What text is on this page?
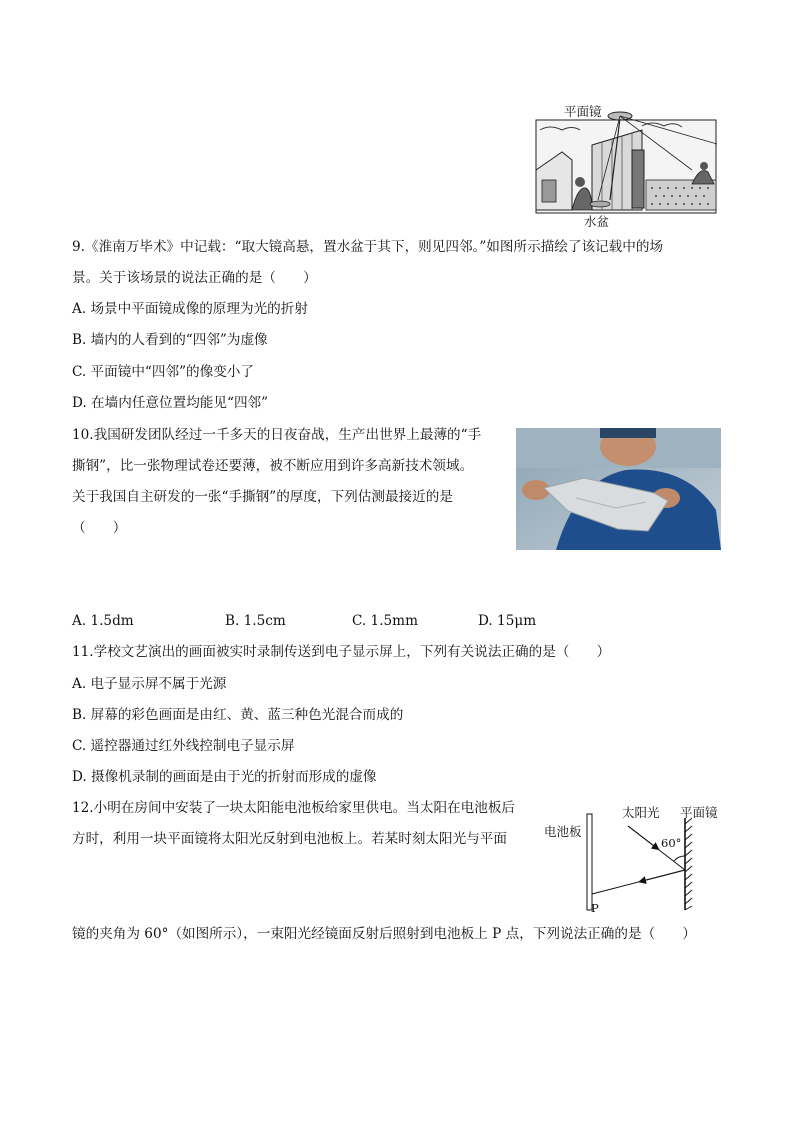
平面镜
水盆
9.《淮南万毕术》中记载：“取大镜高悬，置水盆于其下，则见四邻。”如图所示描绘了该记载中的场
景。关于该场景的说法正确的是（　　）
A. 场景中平面镜成像的原理为光的折射
B. 墙内的人看到的“四邻”为虚像
C. 平面镜中“四邻”的像变小了
D. 在墙内任意位置均能见“四邻”
10.我国研发团队经过一千多天的日夜奋战，生产出世界上最薄的“手
撕钢”，比一张物理试卷还要薄，被不断应用到许多高新技术领域。
关于我国自主研发的一张“手撕钢”的厚度，下列估测最接近的是
（　　）
A. 1.5dm	B. 1.5cm	C. 1.5mm	D. 15μm
11.学校文艺演出的画面被实时录制传送到电子显示屏上，下列有关说法正确的是（　　）
A. 电子显示屏不属于光源
B. 屏幕的彩色画面是由红、黄、蓝三种色光混合而成的
C. 遥控器通过红外线控制电子显示屏
D. 摄像机录制的画面是由于光的折射而形成的虚像
12.小明在房间中安装了一块太阳能电池板给家里供电。当太阳在电池板后
方时，利用一块平面镜将太阳光反射到电池板上。若某时刻太阳光与平面
镜的夹角为 60°（如图所示），一束阳光经镜面反射后照射到电池板上 P 点，下列说法正确的是（　　）
电池板
太阳光 平面镜
60°
P
